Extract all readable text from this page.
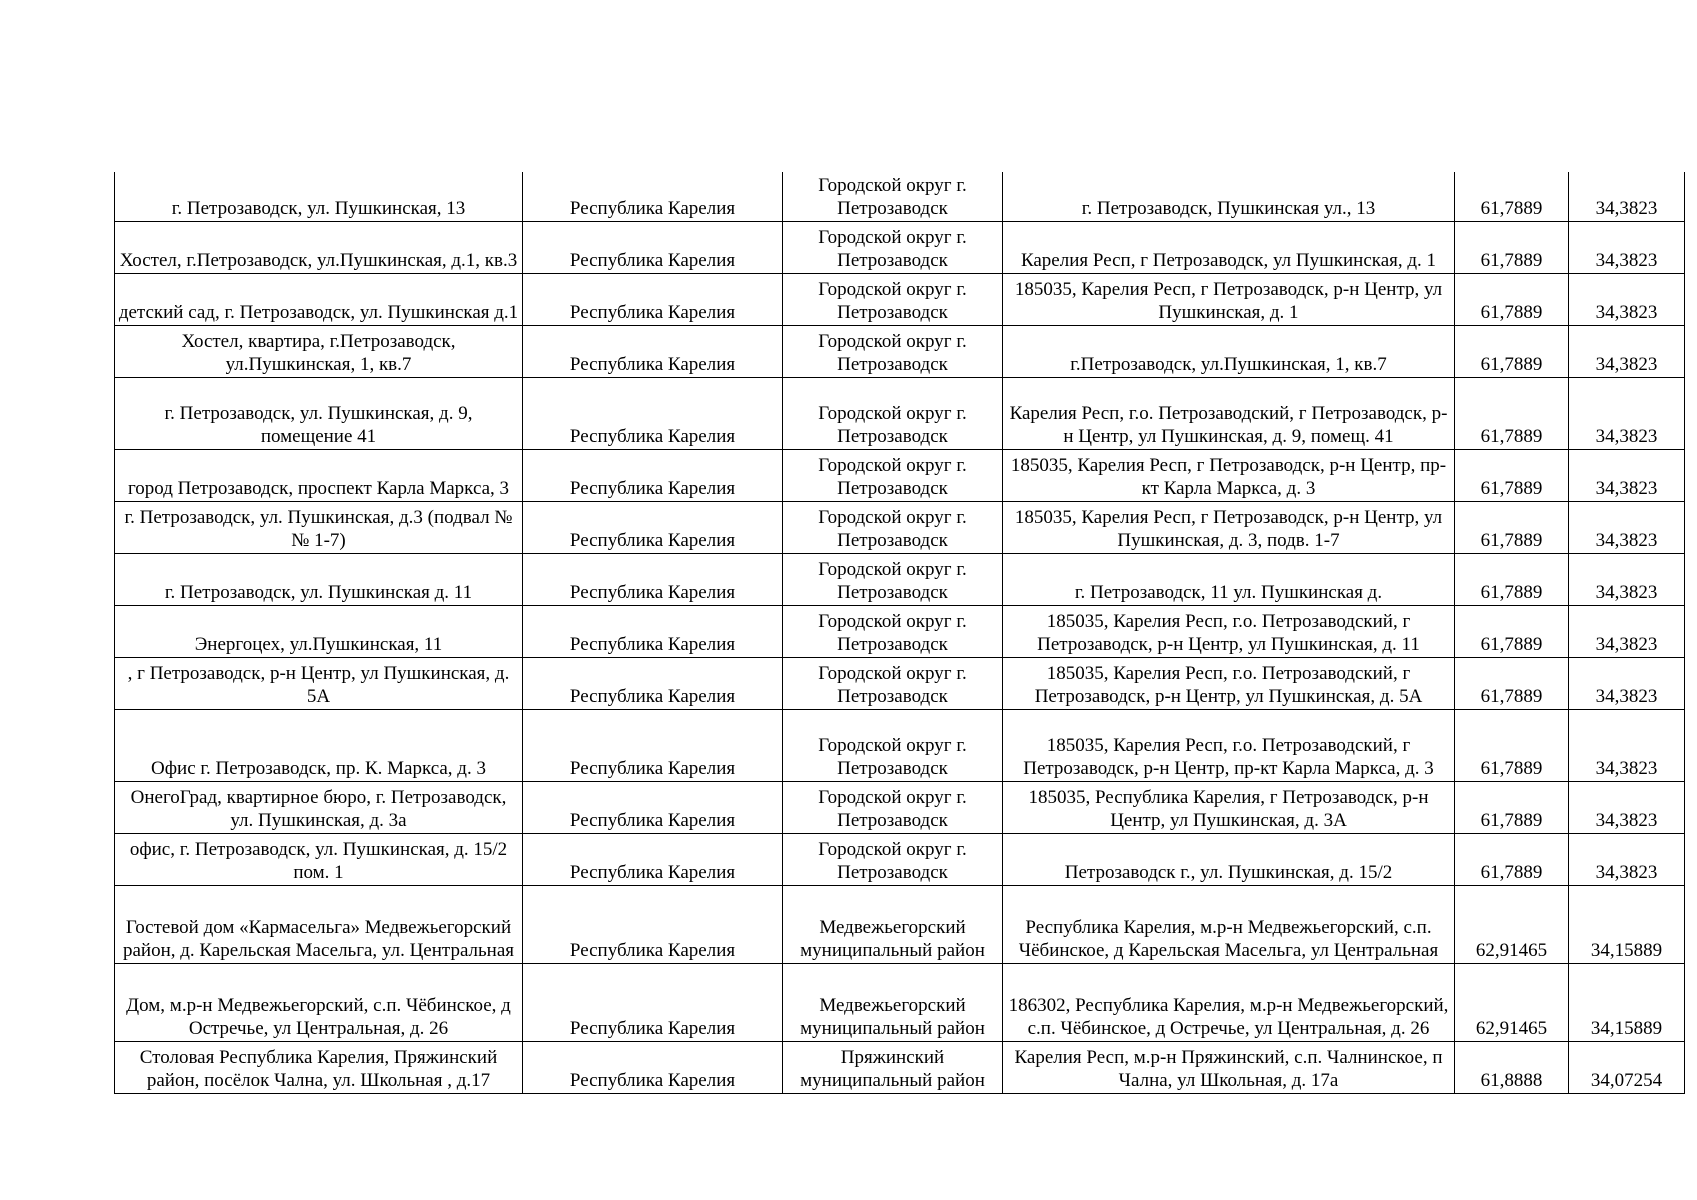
г. Петрозаводск, ул. Пушкинская, 13	Республика Карелия	Городской округ г. Петрозаводск	г. Петрозаводск, Пушкинская ул., 13	61,7889	34,3823
Хостел, г.Петрозаводск, ул.Пушкинская, д.1, кв.3	Республика Карелия	Городской округ г. Петрозаводск	Карелия Респ, г Петрозаводск, ул Пушкинская, д. 1	61,7889	34,3823
детский сад, г. Петрозаводск, ул. Пушкинская д.1	Республика Карелия	Городской округ г. Петрозаводск	185035, Карелия Респ, г Петрозаводск, р-н Центр, ул Пушкинская, д. 1	61,7889	34,3823
Хостел, квартира, г.Петрозаводск, ул.Пушкинская, 1, кв.7	Республика Карелия	Городской округ г. Петрозаводск	г.Петрозаводск, ул.Пушкинская, 1, кв.7	61,7889	34,3823
г. Петрозаводск, ул. Пушкинская, д. 9, помещение 41	Республика Карелия	Городской округ г. Петрозаводск	Карелия Респ, г.о. Петрозаводский, г Петрозаводск, р-н Центр, ул Пушкинская, д. 9, помещ. 41	61,7889	34,3823
город Петрозаводск, проспект Карла Маркса, 3	Республика Карелия	Городской округ г. Петрозаводск	185035, Карелия Респ, г Петрозаводск, р-н Центр, пр-кт Карла Маркса, д. 3	61,7889	34,3823
г. Петрозаводск, ул. Пушкинская, д.3 (подвал №№ 1-7)	Республика Карелия	Городской округ г. Петрозаводск	185035, Карелия Респ, г Петрозаводск, р-н Центр, ул Пушкинская, д. 3, подв. 1-7	61,7889	34,3823
г. Петрозаводск, ул. Пушкинская д. 11	Республика Карелия	Городской округ г. Петрозаводск	г. Петрозаводск, 11 ул. Пушкинская д.	61,7889	34,3823
Энергоцех, ул.Пушкинская, 11	Республика Карелия	Городской округ г. Петрозаводск	185035, Карелия Респ, г.о. Петрозаводский, г Петрозаводск, р-н Центр, ул Пушкинская, д. 11	61,7889	34,3823
, г Петрозаводск, р-н Центр, ул Пушкинская, д. 5А	Республика Карелия	Городской округ г. Петрозаводск	185035, Карелия Респ, г.о. Петрозаводский, г Петрозаводск, р-н Центр, ул Пушкинская, д. 5А	61,7889	34,3823
Офис г. Петрозаводск, пр. К. Маркса, д. 3	Республика Карелия	Городской округ г. Петрозаводск	185035, Карелия Респ, г.о. Петрозаводский, г Петрозаводск, р-н Центр, пр-кт Карла Маркса, д. 3	61,7889	34,3823
ОнегоГрад, квартирное бюро, г. Петрозаводск, ул. Пушкинская, д. 3а	Республика Карелия	Городской округ г. Петрозаводск	185035, Республика Карелия, г Петрозаводск, р-н Центр, ул Пушкинская, д. 3А	61,7889	34,3823
офис, г. Петрозаводск, ул. Пушкинская, д. 15/2 пом. 1	Республика Карелия	Городской округ г. Петрозаводск	Петрозаводск г., ул. Пушкинская, д. 15/2	61,7889	34,3823
Гостевой дом «Кармасельга» Медвежьегорский район, д. Карельская Масельга, ул. Центральная	Республика Карелия	Медвежьегорский муниципальный район	Республика Карелия, м.р-н Медвежьегорский, с.п. Чёбинское, д Карельская Масельга, ул Центральная	62,91465	34,15889
Дом, м.р-н Медвежьегорский, с.п. Чёбинское, д Остречье, ул Центральная, д. 26	Республика Карелия	Медвежьегорский муниципальный район	186302, Республика Карелия, м.р-н Медвежьегорский, с.п. Чёбинское, д Остречье, ул Центральная, д. 26	62,91465	34,15889
Столовая Республика Карелия, Пряжинский район, посёлок Чална, ул. Школьная , д.17	Республика Карелия	Пряжинский муниципальный район	Карелия Респ, м.р-н Пряжинский, с.п. Чалнинское, п Чална, ул Школьная, д. 17а	61,8888	34,07254
